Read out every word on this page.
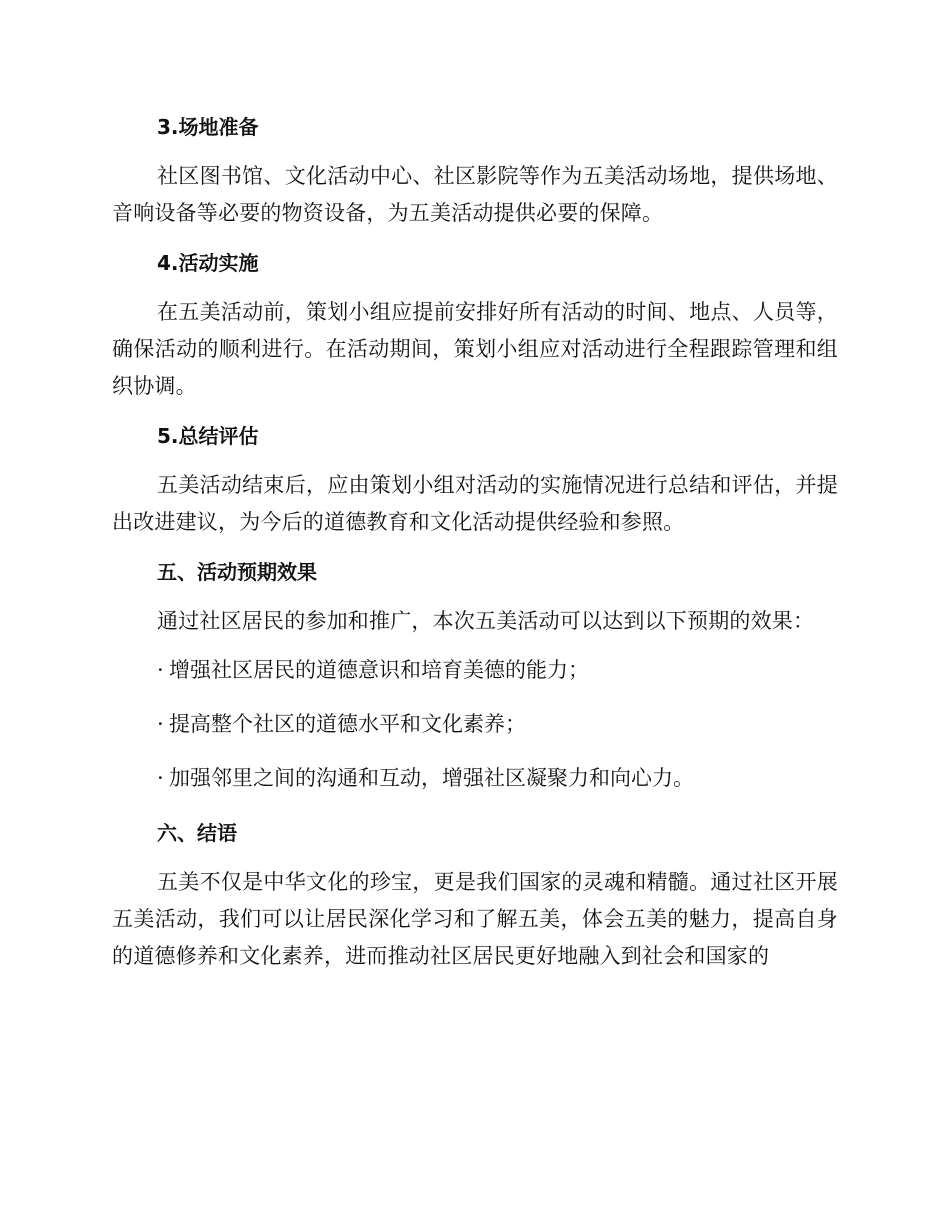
3.场地准备

社区图书馆、文化活动中心、社区影院等作为五美活动场地，提供场地、音响设备等必要的物资设备，为五美活动提供必要的保障。

4.活动实施

在五美活动前，策划小组应提前安排好所有活动的时间、地点、人员等，确保活动的顺利进行。在活动期间，策划小组应对活动进行全程跟踪管理和组织协调。

5.总结评估

五美活动结束后，应由策划小组对活动的实施情况进行总结和评估，并提出改进建议，为今后的道德教育和文化活动提供经验和参照。

五、活动预期效果

通过社区居民的参加和推广，本次五美活动可以达到以下预期的效果：

· 增强社区居民的道德意识和培育美德的能力；
· 提高整个社区的道德水平和文化素养；
· 加强邻里之间的沟通和互动，增强社区凝聚力和向心力。
六、结语

五美不仅是中华文化的珍宝，更是我们国家的灵魂和精髓。通过社区开展五美活动，我们可以让居民深化学习和了解五美，体会五美的魅力，提高自身的道德修养和文化素养，进而推动社区居民更好地融入到社会和国家的
